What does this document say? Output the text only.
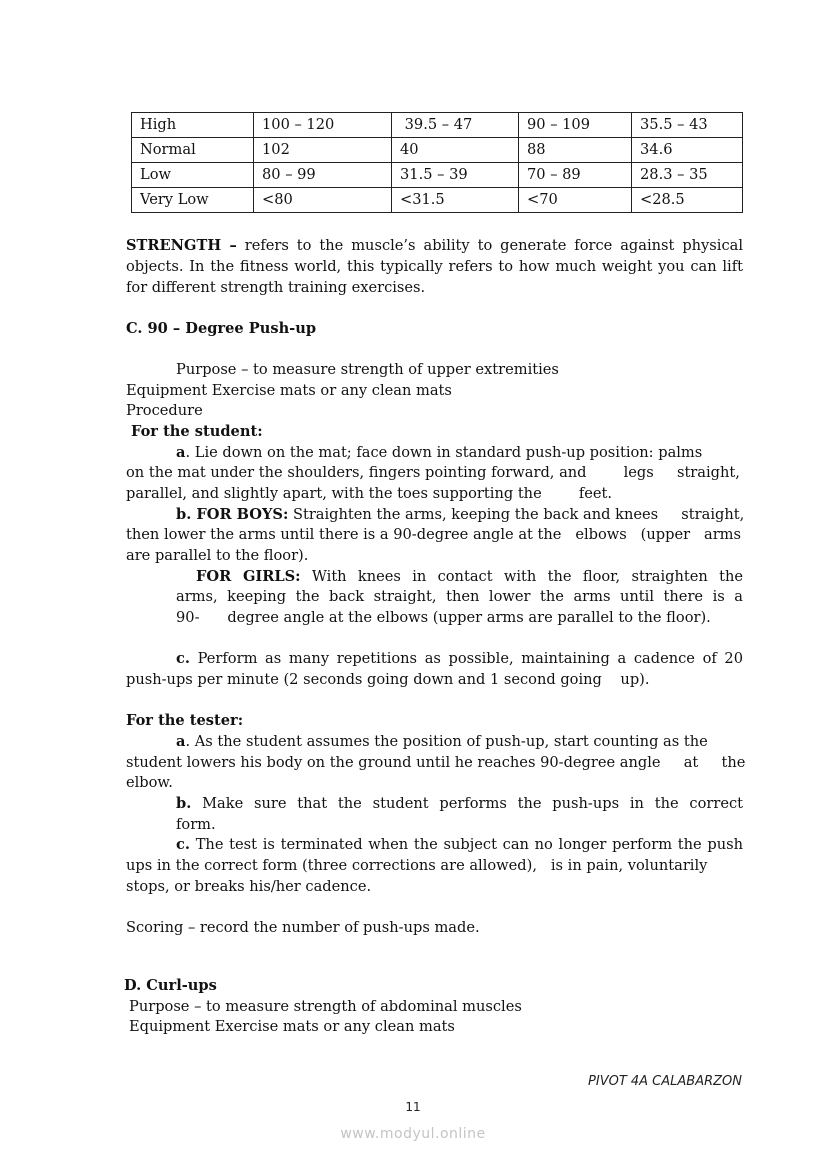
High	100 – 120	39.5 – 47	90 – 109	35.5 – 43
Normal	102	40	88	34.6
Low	80 – 99	31.5 – 39	70 – 89	28.3 – 35
Very Low	<80	<31.5	<70	<28.5
STRENGTH – refers to the muscle’s ability to generate force against physical
objects. In the fitness world, this typically refers to how much weight you can lift
for different strength training exercises.
C. 90 – Degree Push-up
Purpose – to measure strength of upper extremities
Equipment Exercise mats or any clean mats
Procedure
For the student:
a. Lie down on the mat; face down in standard push-up position: palms
on the mat under the shoulders, fingers pointing forward, and        legs     straight,
parallel, and slightly apart, with the toes supporting the        feet.
b. FOR BOYS: Straighten the arms, keeping the back and knees     straight,
then lower the arms until there is a 90-degree angle at the   elbows   (upper   arms
are parallel to the floor).
FOR GIRLS: With knees in contact with the floor, straighten the
arms, keeping the back straight, then lower the arms until there is a
90-      degree angle at the elbows (upper arms are parallel to the floor).
c. Perform as many repetitions as possible, maintaining a cadence of 20
push-ups per minute (2 seconds going down and 1 second going    up).
For the tester:
a. As the student assumes the position of push-up, start counting as the
student lowers his body on the ground until he reaches 90-degree angle     at     the
elbow.
b. Make sure that the student performs the push-ups in the correct
form.
c. The test is terminated when the subject can no longer perform the push
ups in the correct form (three corrections are allowed),   is in pain, voluntarily
stops, or breaks his/her cadence.
Scoring – record the number of push-ups made.
D. Curl-ups
Purpose – to measure strength of abdominal muscles
Equipment Exercise mats or any clean mats
PIVOT 4A CALABARZON
11
www.modyul.online
